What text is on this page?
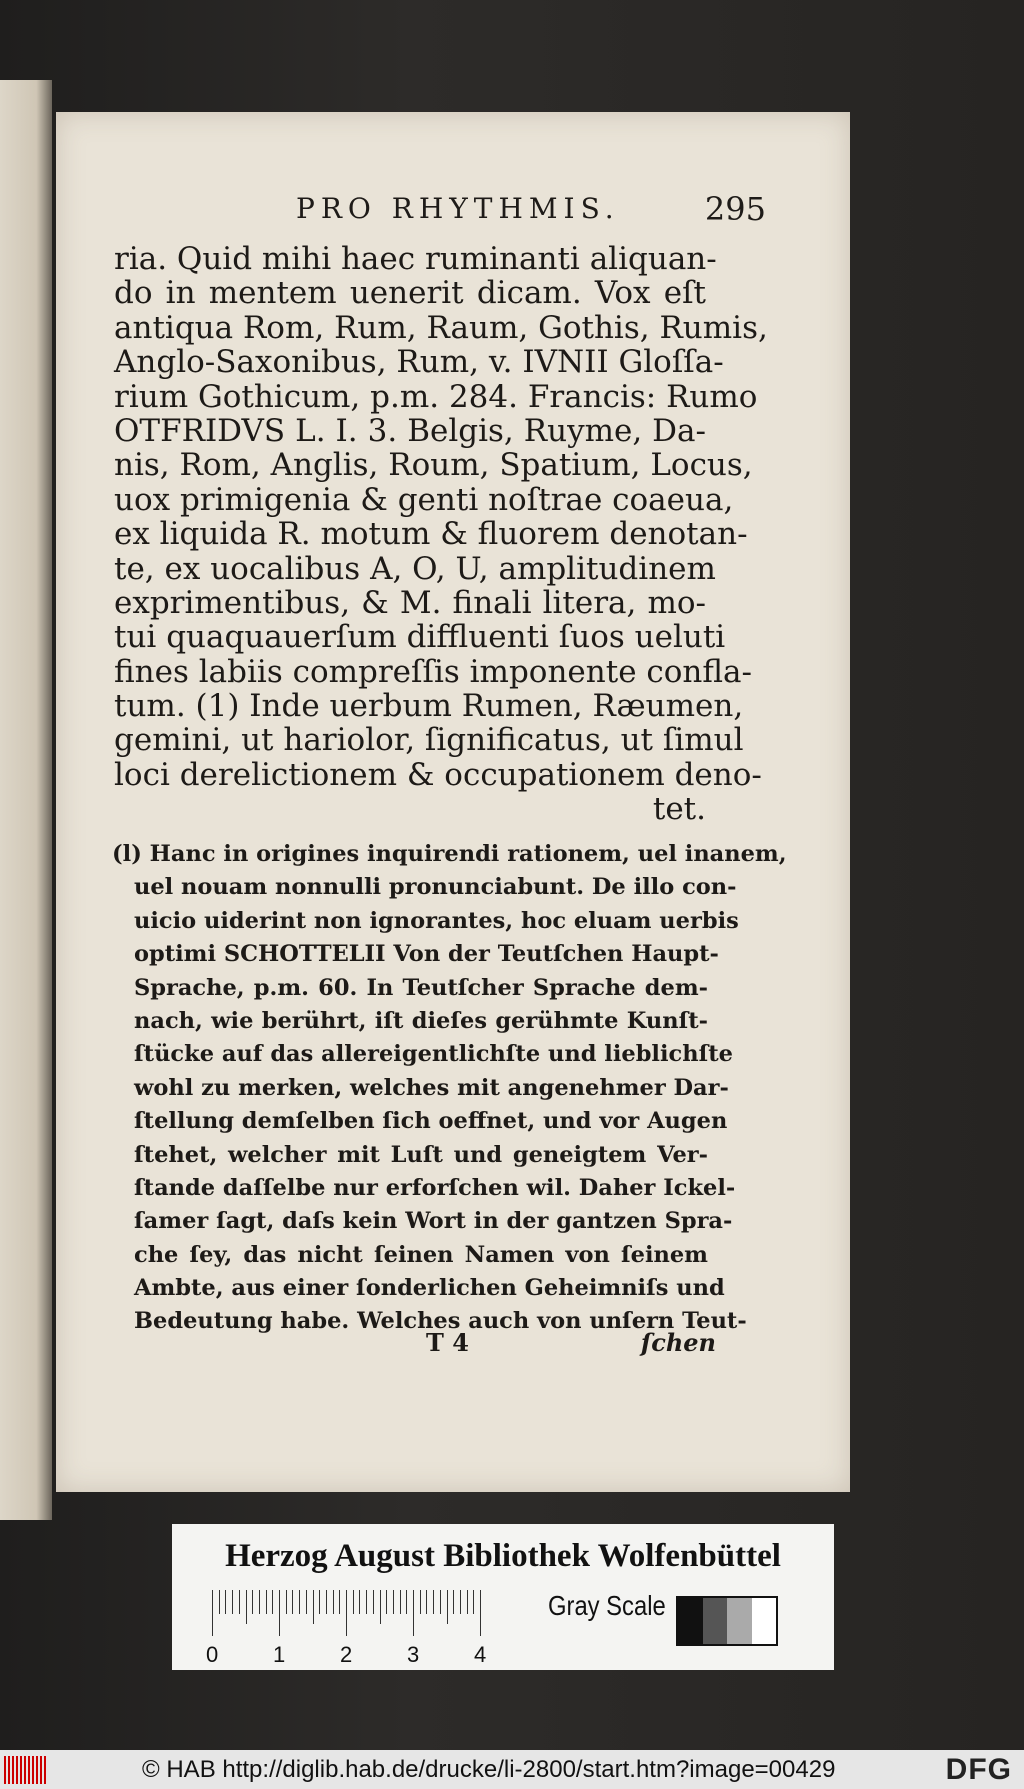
PRO RHYTHMIS.	295
ria. Quid mihi haec ruminanti aliquan-
do in mentem uenerit dicam. Vox eſt
antiqua Rom, Rum, Raum, Gothis, Rumis,
Anglo-Saxonibus, Rum, v. IVNII Gloſſa-
rium Gothicum, p.m. 284. Francis: Rumo
OTFRIDVS L. I. 3. Belgis, Ruyme, Da-
nis, Rom, Anglis, Roum, Spatium, Locus,
uox primigenia & genti noſtrae coaeua,
ex liquida R. motum & fluorem denotan-
te, ex uocalibus A, O, U, amplitudinem
exprimentibus, & M. finali litera, mo-
tui quaquauerſum diffluenti ſuos ueluti
fines labiis compreſſis imponente confla-
tum. (1) Inde uerbum Rumen, Ræumen,
gemini, ut hariolor, ſignificatus, ut ſimul
loci derelictionem & occupationem deno-
tet.
(l) Hanc in origines inquirendi rationem, uel inanem,
uel nouam nonnulli pronunciabunt. De illo con-
uicio uiderint non ignorantes, hoc eluam uerbis
optimi SCHOTTELII Von der Teutſchen Haupt-
Sprache, p.m. 60. In Teutſcher Sprache dem-
nach, wie berührt, iſt dieſes gerühmte Kunſt-
ſtücke auf das allereigentlichſte und lieblichſte
wohl zu merken, welches mit angenehmer Dar-
ſtellung demſelben ſich oeffnet, und vor Augen
ſtehet, welcher mit Luſt und geneigtem Ver-
ſtande daſſelbe nur erforſchen wil. Daher Ickel-
ſamer ſagt, daſs kein Wort in der gantzen Spra-
che ſey, das nicht ſeinen Namen von ſeinem
Ambte, aus einer ſonderlichen Geheimniſs und
Bedeutung habe. Welches auch von unſern Teut-
T 4	ſchen
Herzog August Bibliothek Wolfenbüttel
0 1 2 3 4
Gray Scale
© HAB http://diglib.hab.de/drucke/li-2800/start.htm?image=00429	DFG
